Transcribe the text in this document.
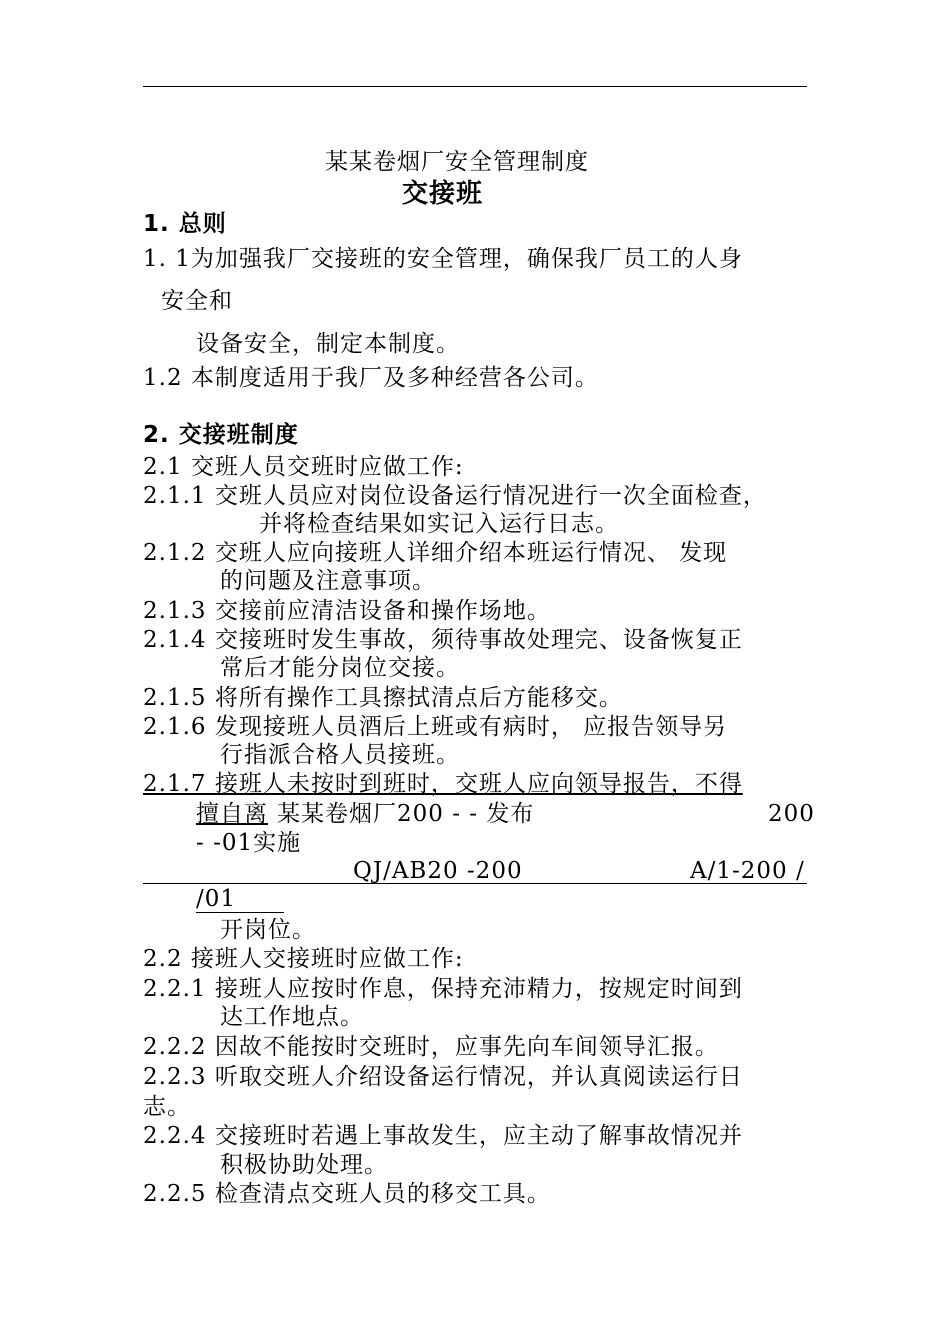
某某卷烟厂安全管理制度
交接班
1. 总则
1. 1为加强我厂交接班的安全管理，确保我厂员工的人身
安全和
设备安全，制定本制度。
1.2 本制度适用于我厂及多种经营各公司。
2. 交接班制度
2.1 交班人员交班时应做工作:
2.1.1 交班人员应对岗位设备运行情况进行一次全面检查，
并将检查结果如实记入运行日志。
2.1.2 交班人应向接班人详细介绍本班运行情况、 发现
的问题及注意事项。
2.1.3 交接前应清洁设备和操作场地。
2.1.4 交接班时发生事故，须待事故处理完、设备恢复正
常后才能分岗位交接。
2.1.5 将所有操作工具擦拭清点后方能移交。
2.1.6 发现接班人员酒后上班或有病时， 应报告领导另
行指派合格人员接班。
2.1.7 接班人未按时到班时，交班人应向领导报告，不得
擅自离 某某卷烟厂200 - - 发布	200
- -01实施
QJ/AB20 -200	A/1-200 /
/01
开岗位。
2.2 接班人交接班时应做工作:
2.2.1 接班人应按时作息，保持充沛精力，按规定时间到
达工作地点。
2.2.2 因故不能按时交班时，应事先向车间领导汇报。
2.2.3 听取交班人介绍设备运行情况，并认真阅读运行日
志。
2.2.4 交接班时若遇上事故发生，应主动了解事故情况并
积极协助处理。
2.2.5 检查清点交班人员的移交工具。
